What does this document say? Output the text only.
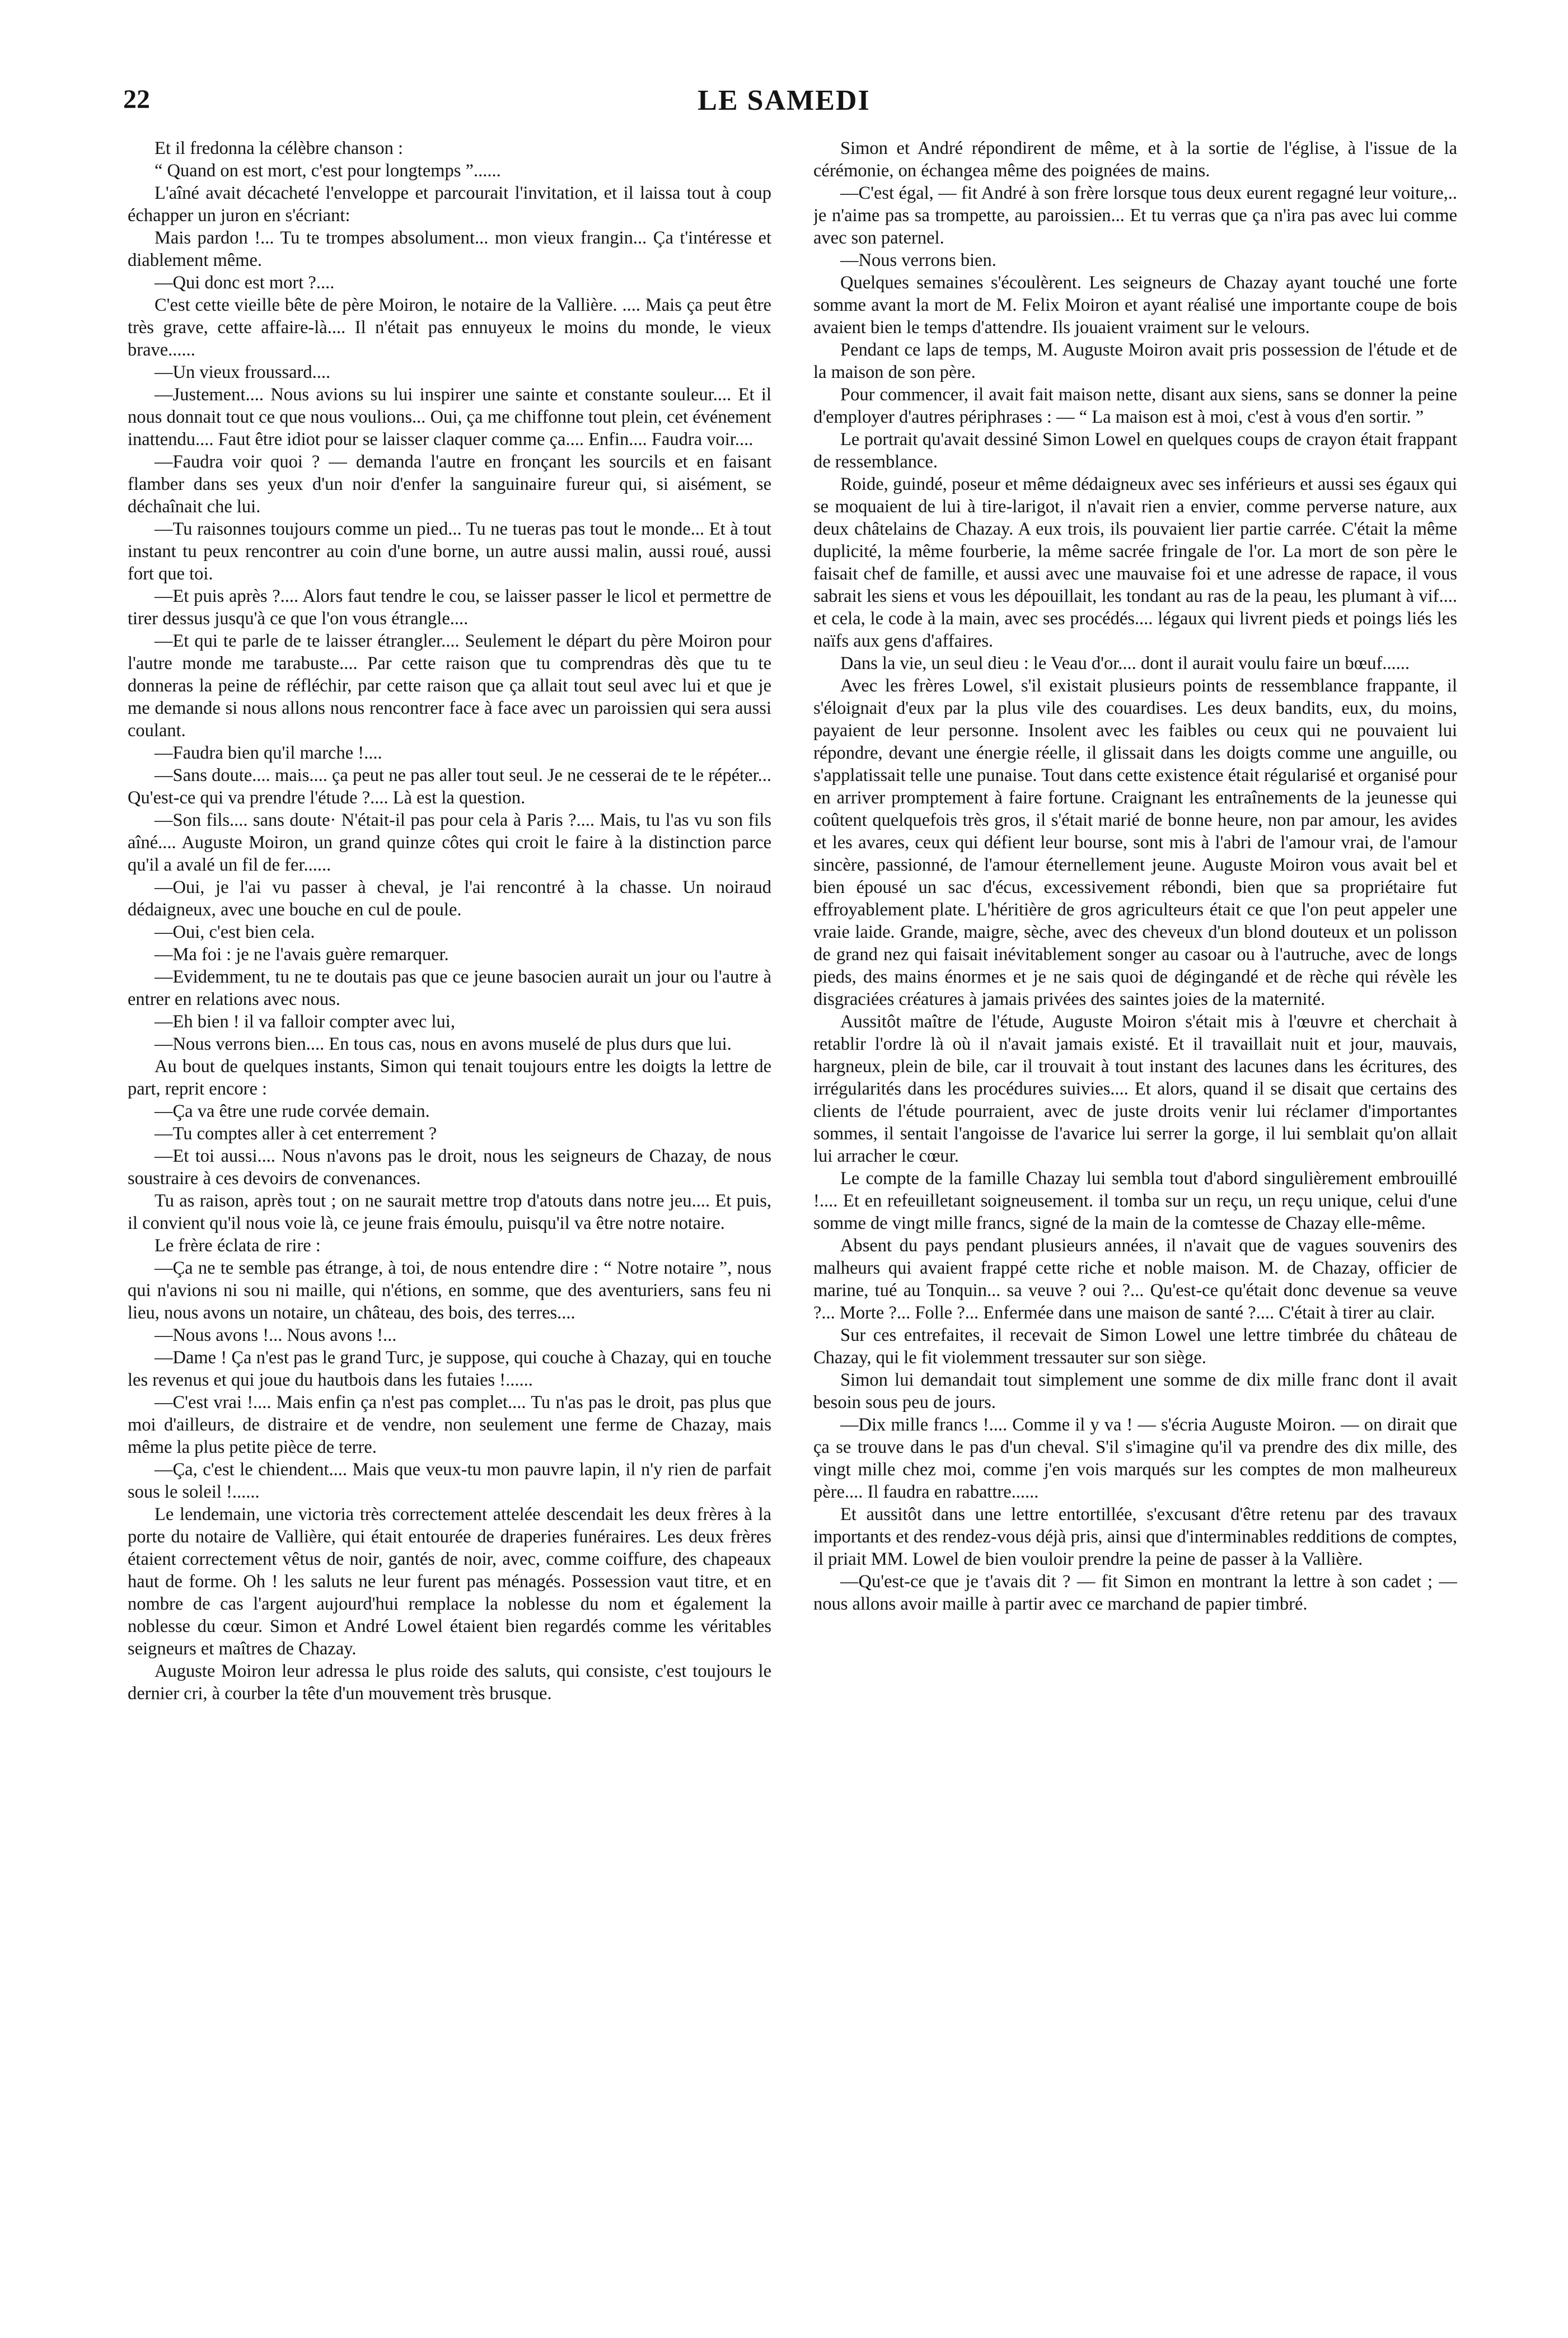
22	LE SAMEDI

Et il fredonna la célèbre chanson :

“ Quand on est mort, c'est pour longtemps ”......

L'aîné avait décacheté l'enveloppe et parcourait l'invitation, et il laissa tout à coup échapper un juron en s'écriant:

Mais pardon !... Tu te trompes absolument... mon vieux frangin... Ça t'intéresse et diablement même.

—Qui donc est mort ?....

C'est cette vieille bête de père Moiron, le notaire de la Vallière. .... Mais ça peut être très grave, cette affaire-là.... Il n'était pas ennuyeux le moins du monde, le vieux brave......

—Un vieux froussard....

—Justement.... Nous avions su lui inspirer une sainte et constante souleur.... Et il nous donnait tout ce que nous voulions... Oui, ça me chiffonne tout plein, cet événement inattendu.... Faut être idiot pour se laisser claquer comme ça.... Enfin.... Faudra voir....

—Faudra voir quoi ? — demanda l'autre en fronçant les sourcils et en faisant flamber dans ses yeux d'un noir d'enfer la sanguinaire fureur qui, si aisément, se déchaînait che lui.

—Tu raisonnes toujours comme un pied... Tu ne tueras pas tout le monde... Et à tout instant tu peux rencontrer au coin d'une borne, un autre aussi malin, aussi roué, aussi fort que toi.

—Et puis après ?.... Alors faut tendre le cou, se laisser passer le licol et permettre de tirer dessus jusqu'à ce que l'on vous étrangle....

—Et qui te parle de te laisser étrangler.... Seulement le départ du père Moiron pour l'autre monde me tarabuste.... Par cette raison que tu comprendras dès que tu te donneras la peine de réfléchir, par cette raison que ça allait tout seul avec lui et que je me demande si nous allons nous rencontrer face à face avec un paroissien qui sera aussi coulant.

—Faudra bien qu'il marche !....

—Sans doute.... mais.... ça peut ne pas aller tout seul. Je ne cesserai de te le répéter... Qu'est-ce qui va prendre l'étude ?.... Là est la question.

—Son fils.... sans doute· N'était-il pas pour cela à Paris ?.... Mais, tu l'as vu son fils aîné.... Auguste Moiron, un grand quinze côtes qui croit le faire à la distinction parce qu'il a avalé un fil de fer......

—Oui, je l'ai vu passer à cheval, je l'ai rencontré à la chasse. Un noiraud dédaigneux, avec une bouche en cul de poule.

—Oui, c'est bien cela.

—Ma foi : je ne l'avais guère remarquer.

—Evidemment, tu ne te doutais pas que ce jeune basocien aurait un jour ou l'autre à entrer en relations avec nous.

—Eh bien ! il va falloir compter avec lui,

—Nous verrons bien.... En tous cas, nous en avons muselé de plus durs que lui.

Au bout de quelques instants, Simon qui tenait toujours entre les doigts la lettre de part, reprit encore :

—Ça va être une rude corvée demain.

—Tu comptes aller à cet enterrement ?

—Et toi aussi.... Nous n'avons pas le droit, nous les seigneurs de Chazay, de nous soustraire à ces devoirs de convenances.

Tu as raison, après tout ; on ne saurait mettre trop d'atouts dans notre jeu.... Et puis, il convient qu'il nous voie là, ce jeune frais émoulu, puisqu'il va être notre notaire.

Le frère éclata de rire :

—Ça ne te semble pas étrange, à toi, de nous entendre dire : “ Notre notaire ”, nous qui n'avions ni sou ni maille, qui n'étions, en somme, que des aventuriers, sans feu ni lieu, nous avons un notaire, un château, des bois, des terres....

—Nous avons !... Nous avons !...

—Dame ! Ça n'est pas le grand Turc, je suppose, qui couche à Chazay, qui en touche les revenus et qui joue du hautbois dans les futaies !......

—C'est vrai !.... Mais enfin ça n'est pas complet.... Tu n'as pas le droit, pas plus que moi d'ailleurs, de distraire et de vendre, non seulement une ferme de Chazay, mais même la plus petite pièce de terre.

—Ça, c'est le chiendent.... Mais que veux-tu mon pauvre lapin, il n'y rien de parfait sous le soleil !......

Le lendemain, une victoria très correctement attelée descendait les deux frères à la porte du notaire de Vallière, qui était entourée de draperies funéraires. Les deux frères étaient correctement vêtus de noir, gantés de noir, avec, comme coiffure, des chapeaux haut de forme. Oh ! les saluts ne leur furent pas ménagés. Possession vaut titre, et en nombre de cas l'argent aujourd'hui remplace la noblesse du nom et également la noblesse du cœur. Simon et André Lowel étaient bien regardés comme les véritables seigneurs et maîtres de Chazay.

Auguste Moiron leur adressa le plus roide des saluts, qui consiste, c'est toujours le dernier cri, à courber la tête d'un mouvement très brusque.

Simon et André répondirent de même, et à la sortie de l'église, à l'issue de la cérémonie, on échangea même des poignées de mains.

—C'est égal, — fit André à son frère lorsque tous deux eurent regagné leur voiture,.. je n'aime pas sa trompette, au paroissien... Et tu verras que ça n'ira pas avec lui comme avec son paternel.

—Nous verrons bien.

Quelques semaines s'écoulèrent. Les seigneurs de Chazay ayant touché une forte somme avant la mort de M. Felix Moiron et ayant réalisé une importante coupe de bois avaient bien le temps d'attendre. Ils jouaient vraiment sur le velours.

Pendant ce laps de temps, M. Auguste Moiron avait pris possession de l'étude et de la maison de son père.

Pour commencer, il avait fait maison nette, disant aux siens, sans se donner la peine d'employer d'autres périphrases : — “ La maison est à moi, c'est à vous d'en sortir. ”

Le portrait qu'avait dessiné Simon Lowel en quelques coups de crayon était frappant de ressemblance.

Roide, guindé, poseur et même dédaigneux avec ses inférieurs et aussi ses égaux qui se moquaient de lui à tire-larigot, il n'avait rien a envier, comme perverse nature, aux deux châtelains de Chazay. A eux trois, ils pouvaient lier partie carrée. C'était la même duplicité, la même fourberie, la même sacrée fringale de l'or. La mort de son père le faisait chef de famille, et aussi avec une mauvaise foi et une adresse de rapace, il vous sabrait les siens et vous les dépouillait, les tondant au ras de la peau, les plumant à vif.... et cela, le code à la main, avec ses procédés.... légaux qui livrent pieds et poings liés les naïfs aux gens d'affaires.

Dans la vie, un seul dieu : le Veau d'or.... dont il aurait voulu faire un bœuf......

Avec les frères Lowel, s'il existait plusieurs points de ressemblance frappante, il s'éloignait d'eux par la plus vile des couardises. Les deux bandits, eux, du moins, payaient de leur personne. Insolent avec les faibles ou ceux qui ne pouvaient lui répondre, devant une énergie réelle, il glissait dans les doigts comme une anguille, ou s'applatissait telle une punaise. Tout dans cette existence était régularisé et organisé pour en arriver promptement à faire fortune. Craignant les entraînements de la jeunesse qui coûtent quelquefois très gros, il s'était marié de bonne heure, non par amour, les avides et les avares, ceux qui défient leur bourse, sont mis à l'abri de l'amour vrai, de l'amour sincère, passionné, de l'amour éternellement jeune. Auguste Moiron vous avait bel et bien épousé un sac d'écus, excessivement rébondi, bien que sa propriétaire fut effroyablement plate. L'héritière de gros agriculteurs était ce que l'on peut appeler une vraie laide. Grande, maigre, sèche, avec des cheveux d'un blond douteux et un polisson de grand nez qui faisait inévitablement songer au casoar ou à l'autruche, avec de longs pieds, des mains énormes et je ne sais quoi de dégingandé et de rèche qui révèle les disgraciées créatures à jamais privées des saintes joies de la maternité.

Aussitôt maître de l'étude, Auguste Moiron s'était mis à l'œuvre et cherchait à retablir l'ordre là où il n'avait jamais existé. Et il travaillait nuit et jour, mauvais, hargneux, plein de bile, car il trouvait à tout instant des lacunes dans les écritures, des irrégularités dans les procédures suivies.... Et alors, quand il se disait que certains des clients de l'étude pourraient, avec de juste droits venir lui réclamer d'importantes sommes, il sentait l'angoisse de l'avarice lui serrer la gorge, il lui semblait qu'on allait lui arracher le cœur.

Le compte de la famille Chazay lui sembla tout d'abord singulièrement embrouillé !.... Et en refeuilletant soigneusement. il tomba sur un reçu, un reçu unique, celui d'une somme de vingt mille francs, signé de la main de la comtesse de Chazay elle-même.

Absent du pays pendant plusieurs années, il n'avait que de vagues souvenirs des malheurs qui avaient frappé cette riche et noble maison. M. de Chazay, officier de marine, tué au Tonquin... sa veuve ? oui ?... Qu'est-ce qu'était donc devenue sa veuve ?... Morte ?... Folle ?... Enfermée dans une maison de santé ?.... C'était à tirer au clair.

Sur ces entrefaites, il recevait de Simon Lowel une lettre timbrée du château de Chazay, qui le fit violemment tressauter sur son siège.

Simon lui demandait tout simplement une somme de dix mille franc dont il avait besoin sous peu de jours.

—Dix mille francs !.... Comme il y va ! — s'écria Auguste Moiron. — on dirait que ça se trouve dans le pas d'un cheval. S'il s'imagine qu'il va prendre des dix mille, des vingt mille chez moi, comme j'en vois marqués sur les comptes de mon malheureux père.... Il faudra en rabattre......

Et aussitôt dans une lettre entortillée, s'excusant d'être retenu par des travaux importants et des rendez-vous déjà pris, ainsi que d'interminables redditions de comptes, il priait MM. Lowel de bien vouloir prendre la peine de passer à la Vallière.

—Qu'est-ce que je t'avais dit ? — fit Simon en montrant la lettre à son cadet ; — nous allons avoir maille à partir avec ce marchand de papier timbré.
